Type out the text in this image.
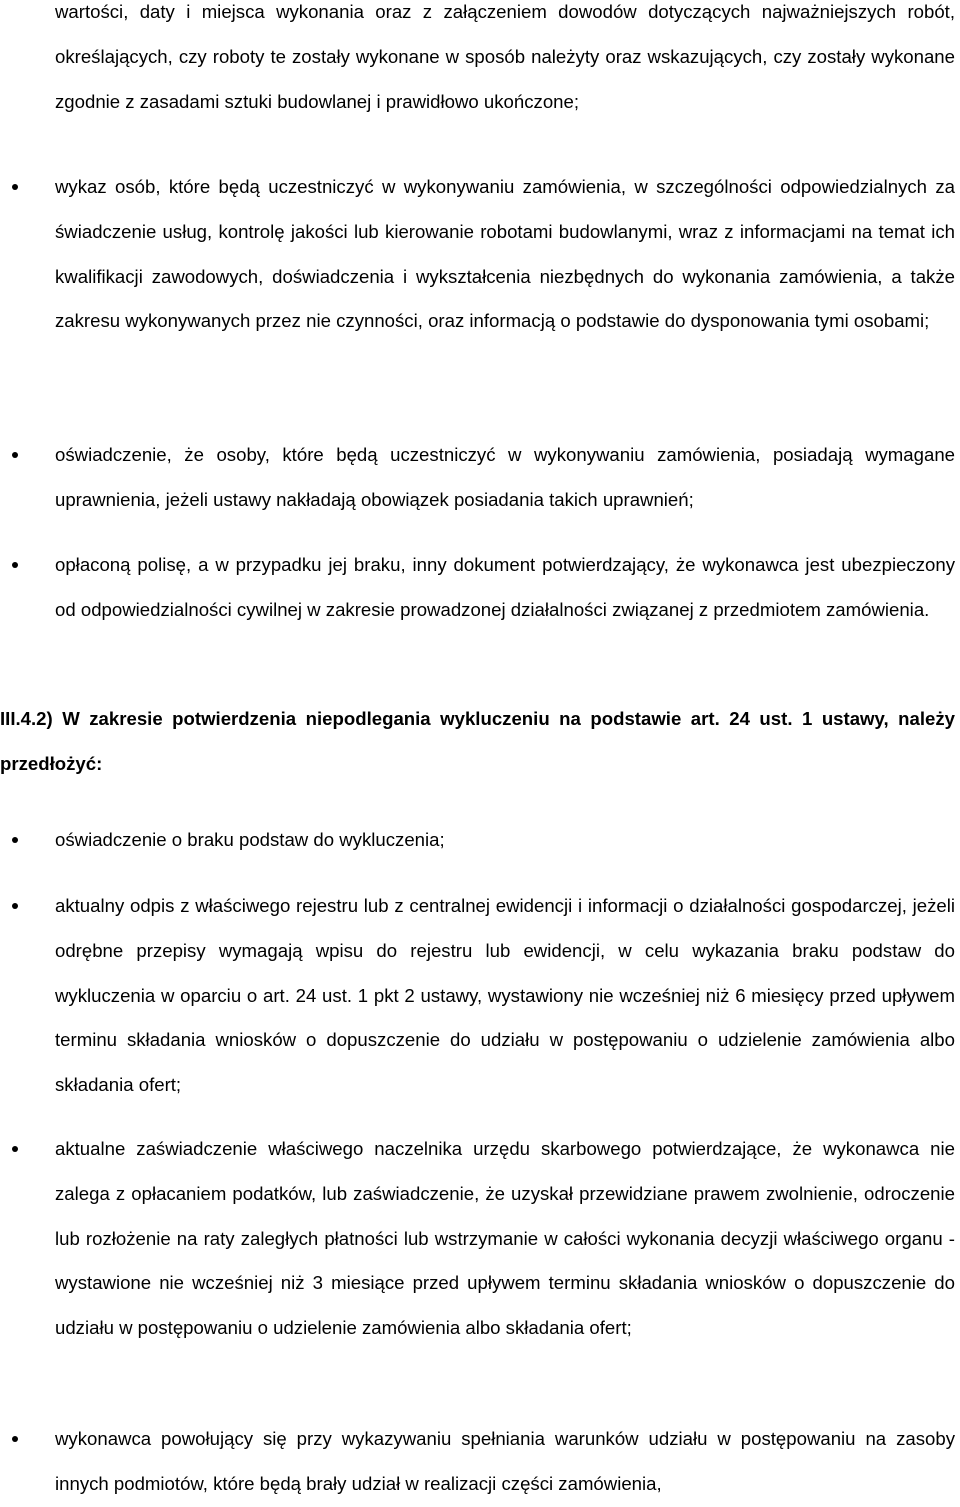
wartości, daty i miejsca wykonania oraz z załączeniem dowodów dotyczących najważniejszych robót, określających, czy roboty te zostały wykonane w sposób należyty oraz wskazujących, czy zostały wykonane zgodnie z zasadami sztuki budowlanej i prawidłowo ukończone;

wykaz osób, które będą uczestniczyć w wykonywaniu zamówienia, w szczególności odpowiedzialnych za świadczenie usług, kontrolę jakości lub kierowanie robotami budowlanymi, wraz z informacjami na temat ich kwalifikacji zawodowych, doświadczenia i wykształcenia niezbędnych do wykonania zamówienia, a także zakresu wykonywanych przez nie czynności, oraz informacją o podstawie do dysponowania tymi osobami;
oświadczenie, że osoby, które będą uczestniczyć w wykonywaniu zamówienia, posiadają wymagane uprawnienia, jeżeli ustawy nakładają obowiązek posiadania takich uprawnień;
opłaconą polisę, a w przypadku jej braku, inny dokument potwierdzający, że wykonawca jest ubezpieczony od odpowiedzialności cywilnej w zakresie prowadzonej działalności związanej z przedmiotem zamówienia.

III.4.2) W zakresie potwierdzenia niepodlegania wykluczeniu na podstawie art. 24 ust. 1 ustawy, należy przedłożyć:

oświadczenie o braku podstaw do wykluczenia;
aktualny odpis z właściwego rejestru lub z centralnej ewidencji i informacji o działalności gospodarczej, jeżeli odrębne przepisy wymagają wpisu do rejestru lub ewidencji, w celu wykazania braku podstaw do wykluczenia w oparciu o art. 24 ust. 1 pkt 2 ustawy, wystawiony nie wcześniej niż 6 miesięcy przed upływem terminu składania wniosków o dopuszczenie do udziału w postępowaniu o udzielenie zamówienia albo składania ofert;
aktualne zaświadczenie właściwego naczelnika urzędu skarbowego potwierdzające, że wykonawca nie zalega z opłacaniem podatków, lub zaświadczenie, że uzyskał przewidziane prawem zwolnienie, odroczenie lub rozłożenie na raty zaległych płatności lub wstrzymanie w całości wykonania decyzji właściwego organu - wystawione nie wcześniej niż 3 miesiące przed upływem terminu składania wniosków o dopuszczenie do udziału w postępowaniu o udzielenie zamówienia albo składania ofert;
wykonawca powołujący się przy wykazywaniu spełniania warunków udziału w postępowaniu na zasoby innych podmiotów, które będą brały udział w realizacji części zamówienia,
